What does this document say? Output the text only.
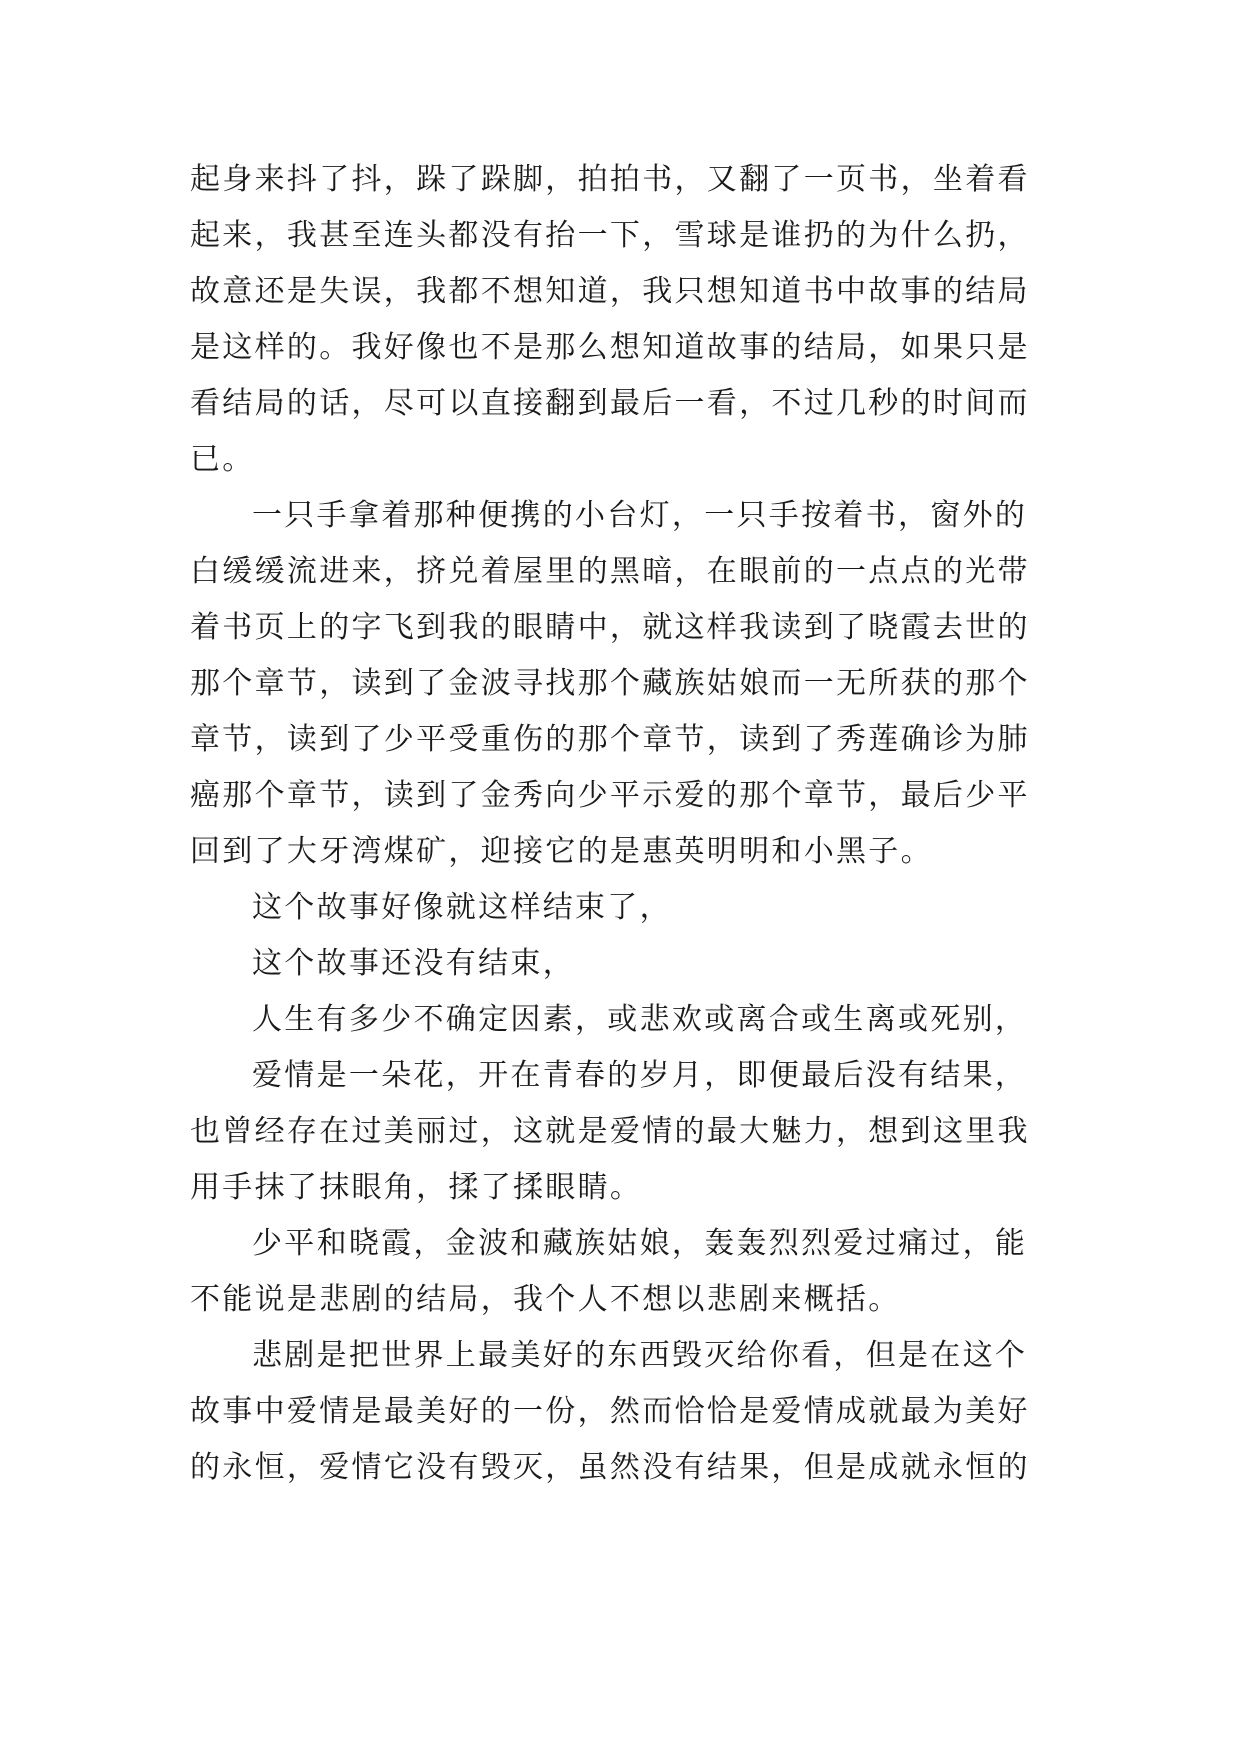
起身来抖了抖，跺了跺脚，拍拍书，又翻了一页书，坐着看
起来，我甚至连头都没有抬一下，雪球是谁扔的为什么扔，
故意还是失误，我都不想知道，我只想知道书中故事的结局
是这样的。我好像也不是那么想知道故事的结局，如果只是
看结局的话，尽可以直接翻到最后一看，不过几秒的时间而
已。
一只手拿着那种便携的小台灯，一只手按着书，窗外的
白缓缓流进来，挤兑着屋里的黑暗，在眼前的一点点的光带
着书页上的字飞到我的眼睛中，就这样我读到了晓霞去世的
那个章节，读到了金波寻找那个藏族姑娘而一无所获的那个
章节，读到了少平受重伤的那个章节，读到了秀莲确诊为肺
癌那个章节，读到了金秀向少平示爱的那个章节，最后少平
回到了大牙湾煤矿，迎接它的是惠英明明和小黑子。
这个故事好像就这样结束了，
这个故事还没有结束，
人生有多少不确定因素，或悲欢或离合或生离或死别，
爱情是一朵花，开在青春的岁月，即便最后没有结果，
也曾经存在过美丽过，这就是爱情的最大魅力，想到这里我
用手抹了抹眼角，揉了揉眼睛。
少平和晓霞，金波和藏族姑娘，轰轰烈烈爱过痛过，能
不能说是悲剧的结局，我个人不想以悲剧来概括。
悲剧是把世界上最美好的东西毁灭给你看，但是在这个
故事中爱情是最美好的一份，然而恰恰是爱情成就最为美好
的永恒，爱情它没有毁灭，虽然没有结果，但是成就永恒的
